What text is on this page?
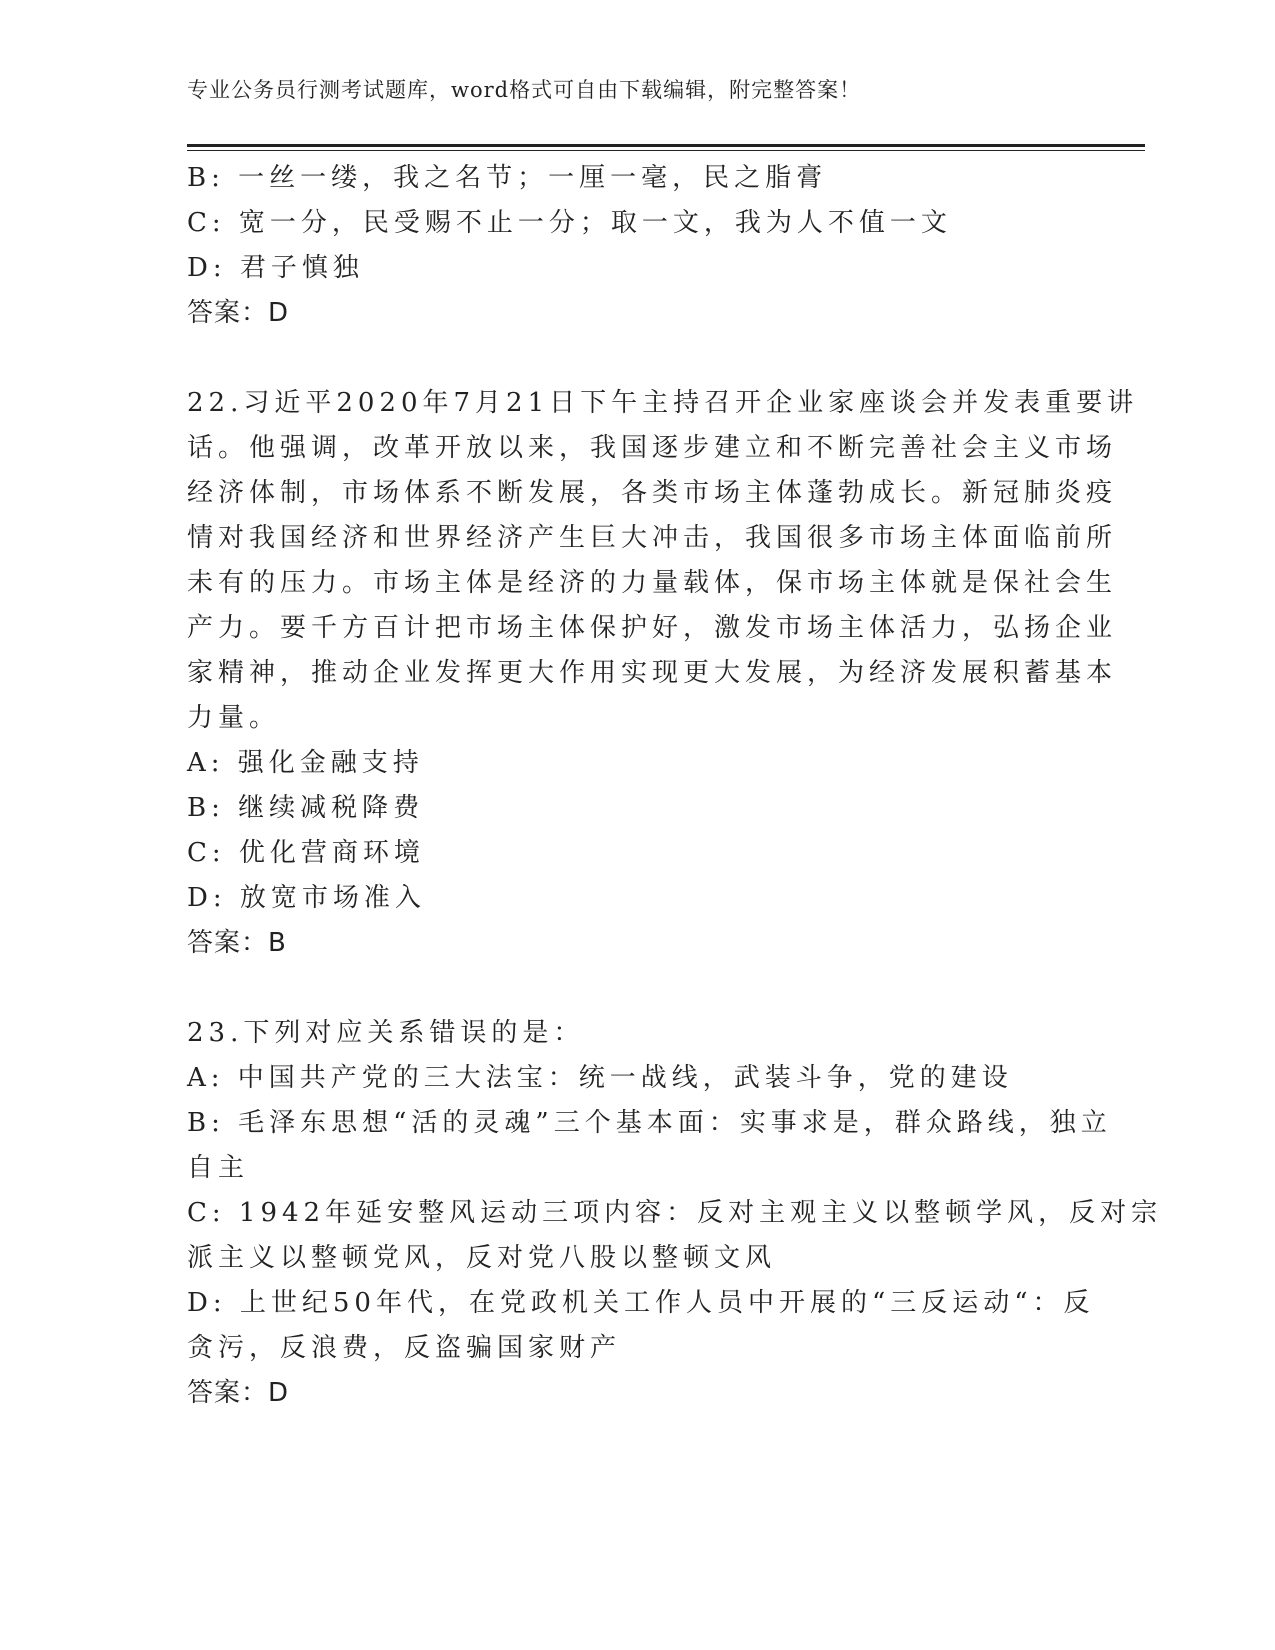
专业公务员行测考试题库，word格式可自由下载编辑，附完整答案！
B: 一丝一缕，我之名节；一厘一毫，民之脂膏
C: 宽一分，民受赐不止一分；取一文，我为人不值一文
D: 君子慎独
答案：D
22.习近平2020年7月21日下午主持召开企业家座谈会并发表重要讲
话。他强调，改革开放以来，我国逐步建立和不断完善社会主义市场
经济体制，市场体系不断发展，各类市场主体蓬勃成长。新冠肺炎疫
情对我国经济和世界经济产生巨大冲击，我国很多市场主体面临前所
未有的压力。市场主体是经济的力量载体，保市场主体就是保社会生
产力。要千方百计把市场主体保护好，激发市场主体活力，弘扬企业
家精神，推动企业发挥更大作用实现更大发展，为经济发展积蓄基本
力量。
A: 强化金融支持
B: 继续减税降费
C: 优化营商环境
D: 放宽市场准入
答案：B
23.下列对应关系错误的是：
A: 中国共产党的三大法宝：统一战线，武装斗争，党的建设
B: 毛泽东思想“活的灵魂”三个基本面：实事求是，群众路线，独立
自主
C: 1942年延安整风运动三项内容：反对主观主义以整顿学风，反对宗
派主义以整顿党风，反对党八股以整顿文风
D: 上世纪50年代，在党政机关工作人员中开展的“三反运动“：反
贪污，反浪费，反盗骗国家财产
答案：D
